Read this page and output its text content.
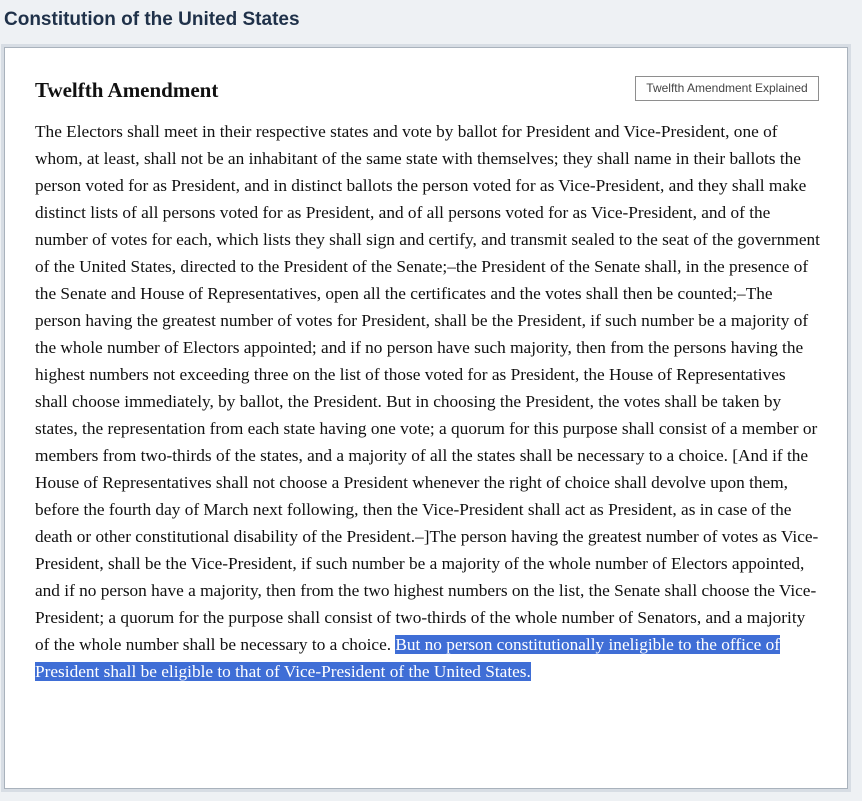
Constitution of the United States
Twelfth Amendment	Twelfth Amendment Explained

The Electors shall meet in their respective states and vote by ballot for President and Vice-President, one of whom, at least, shall not be an inhabitant of the same state with themselves; they shall name in their ballots the person voted for as President, and in distinct ballots the person voted for as Vice-President, and they shall make distinct lists of all persons voted for as President, and of all persons voted for as Vice-President, and of the number of votes for each, which lists they shall sign and certify, and transmit sealed to the seat of the government of the United States, directed to the President of the Senate;–the President of the Senate shall, in the presence of the Senate and House of Representatives, open all the certificates and the votes shall then be counted;–The person having the greatest number of votes for President, shall be the President, if such number be a majority of the whole number of Electors appointed; and if no person have such majority, then from the persons having the highest numbers not exceeding three on the list of those voted for as President, the House of Representatives shall choose immediately, by ballot, the President. But in choosing the President, the votes shall be taken by states, the representation from each state having one vote; a quorum for this purpose shall consist of a member or members from two-thirds of the states, and a majority of all the states shall be necessary to a choice. [And if the House of Representatives shall not choose a President whenever the right of choice shall devolve upon them, before the fourth day of March next following, then the Vice-President shall act as President, as in case of the death or other constitutional disability of the President.–]The person having the greatest number of votes as Vice-President, shall be the Vice-President, if such number be a majority of the whole number of Electors appointed, and if no person have a majority, then from the two highest numbers on the list, the Senate shall choose the Vice-President; a quorum for the purpose shall consist of two-thirds of the whole number of Senators, and a majority of the whole number shall be necessary to a choice. But no person constitutionally ineligible to the office of President shall be eligible to that of Vice-President of the United States.
